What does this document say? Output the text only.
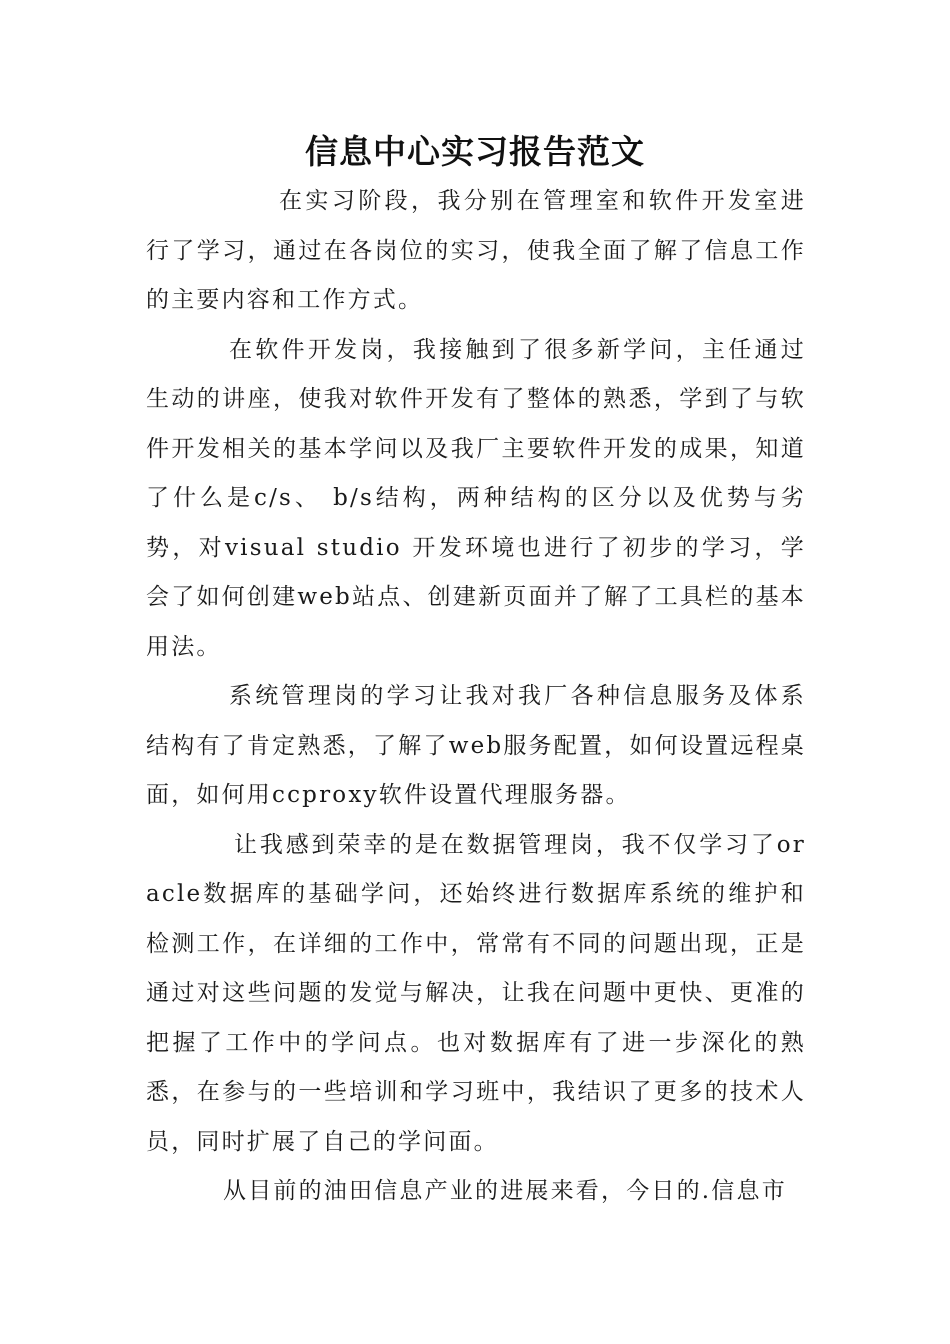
信息中心实习报告范文

在实习阶段，我分别在管理室和软件开发室进行了学习，通过在各岗位的实习，使我全面了解了信息工作的主要内容和工作方式。

在软件开发岗，我接触到了很多新学问，主任通过生动的讲座，使我对软件开发有了整体的熟悉，学到了与软件开发相关的基本学问以及我厂主要软件开发的成果，知道了什么是c/s、 b/s结构，两种结构的区分以及优势与劣势，对visual studio 开发环境也进行了初步的学习，学会了如何创建web站点、创建新页面并了解了工具栏的基本用法。

系统管理岗的学习让我对我厂各种信息服务及体系结构有了肯定熟悉，了解了web服务配置，如何设置远程桌面，如何用ccproxy软件设置代理服务器。

让我感到荣幸的是在数据管理岗，我不仅学习了oracle数据库的基础学问，还始终进行数据库系统的维护和检测工作，在详细的工作中，常常有不同的问题出现，正是通过对这些问题的发觉与解决，让我在问题中更快、更准的把握了工作中的学问点。也对数据库有了进一步深化的熟悉，在参与的一些培训和学习班中，我结识了更多的技术人员，同时扩展了自己的学问面。

从目前的油田信息产业的进展来看，今日的.信息市
